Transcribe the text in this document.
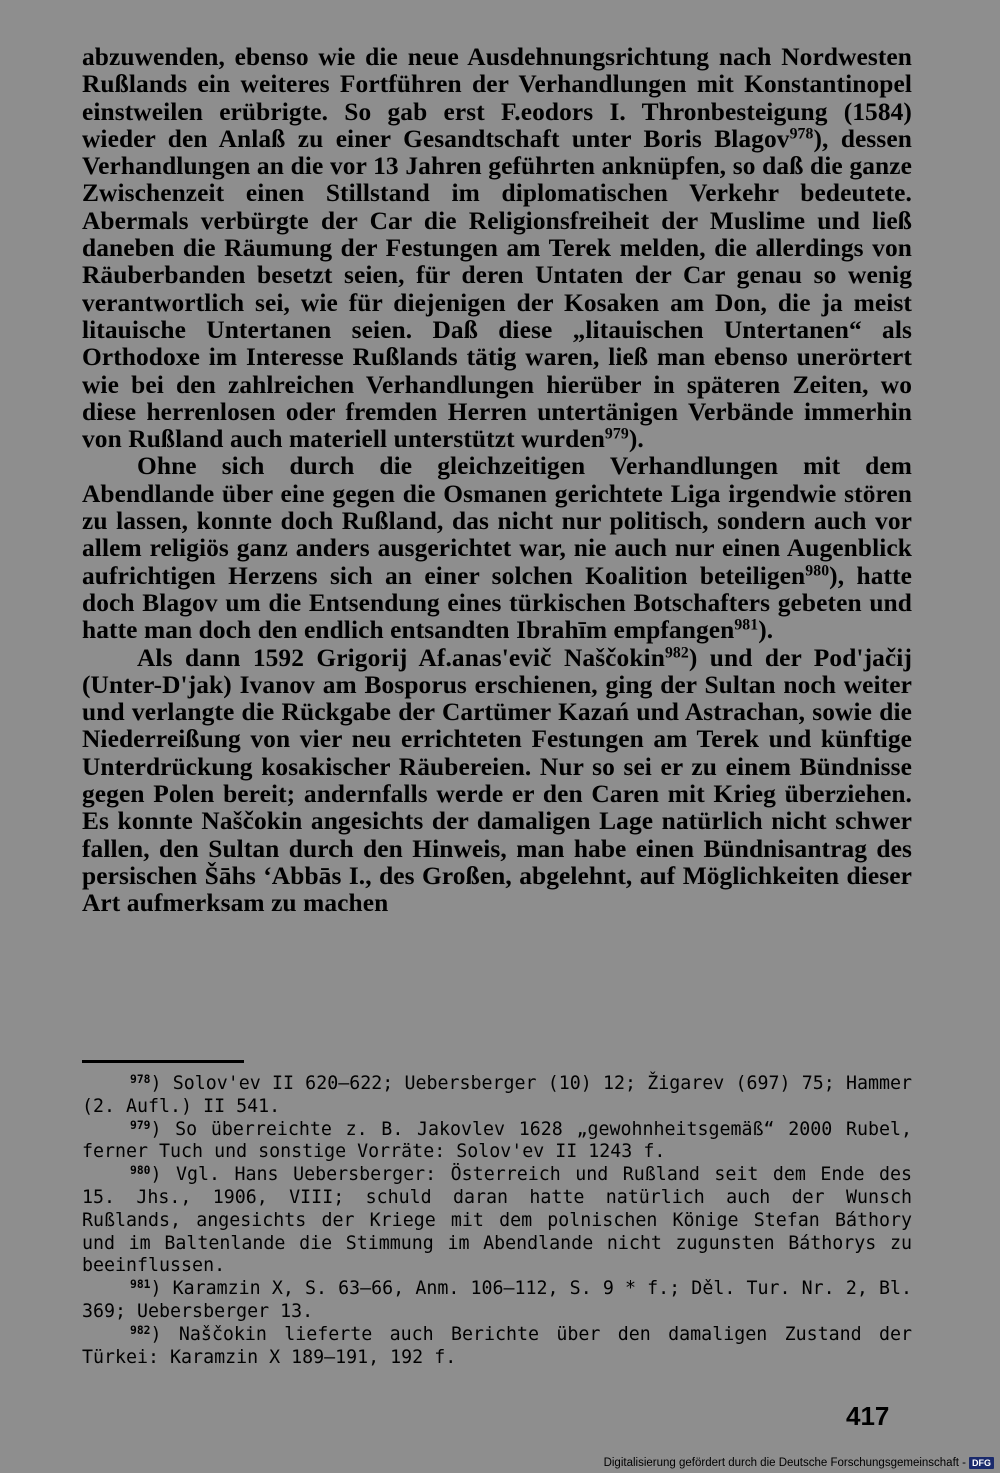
abzuwenden, ebenso wie die neue Ausdehnungsrichtung nach Nordwesten Rußlands ein weiteres Fortführen der Verhandlungen mit Konstantinopel einstweilen erübrigte. So gab erst F.eodors I. Thronbesteigung (1584) wieder den Anlaß zu einer Gesandtschaft unter Boris Blagov$^{978}$), dessen Verhandlungen an die vor 13 Jahren geführten anknüpfen, so daß die ganze Zwischenzeit einen Stillstand im diplomatischen Verkehr bedeutete. Abermals verbürgte der Car die Religionsfreiheit der Muslime und ließ daneben die Räumung der Festungen am Terek melden, die allerdings von Räuberbanden besetzt seien, für deren Untaten der Car genau so wenig verantwortlich sei, wie für diejenigen der Kosaken am Don, die ja meist litauische Untertanen seien. Daß diese „litauischen Untertanen“ als Orthodoxe im Interesse Rußlands tätig waren, ließ man ebenso unerörtert wie bei den zahlreichen Verhandlungen hierüber in späteren Zeiten, wo diese herrenlosen oder fremden Herren untertänigen Verbände immerhin von Rußland auch materiell unterstützt wurden$^{979}$).

Ohne sich durch die gleichzeitigen Verhandlungen mit dem Abendlande über eine gegen die Osmanen gerichtete Liga irgendwie stören zu lassen, konnte doch Rußland, das nicht nur politisch, sondern auch vor allem religiös ganz anders ausgerichtet war, nie auch nur einen Augenblick aufrichtigen Herzens sich an einer solchen Koalition beteiligen$^{980}$), hatte doch Blagov um die Entsendung eines türkischen Botschafters gebeten und hatte man doch den endlich entsandten Ibrahīm empfangen$^{981}$).

Als dann 1592 Grigorij Af.anas'evič Naščokin$^{982}$) und der Pod'jačij (Unter-D'jak) Ivanov am Bosporus erschienen, ging der Sultan noch weiter und verlangte die Rückgabe der Cartümer Kazań und Astrachan, sowie die Niederreißung von vier neu errichteten Festungen am Terek und künftige Unterdrückung kosakischer Räubereien. Nur so sei er zu einem Bündnisse gegen Polen bereit; andernfalls werde er den Caren mit Krieg überziehen. Es konnte Naščokin angesichts der damaligen Lage natürlich nicht schwer fallen, den Sultan durch den Hinweis, man habe einen Bündnisantrag des persischen Šāhs ‘Abbās I., des Großen, abgelehnt, auf Möglichkeiten dieser Art aufmerksam zu machen

$^{978}$) Solov'ev II 620—622; Uebersberger (10) 12; Žigarev (697) 75; Hammer (2. Aufl.) II 541.

$^{979}$) So überreichte z. B. Jakovlev 1628 „gewohnheitsgemäß“ 2000 Rubel, ferner Tuch und sonstige Vorräte: Solov'ev II 1243 f.

$^{980}$) Vgl. Hans Uebersberger: Österreich und Rußland seit dem Ende des 15. Jhs., 1906, VIII; schuld daran hatte natürlich auch der Wunsch Rußlands, angesichts der Kriege mit dem polnischen Könige Stefan Báthory und im Baltenlande die Stimmung im Abendlande nicht zugunsten Báthorys zu beeinflussen.

$^{981}$) Karamzin X, S. 63—66, Anm. 106—112, S. 9 * f.; Děl. Tur. Nr. 2, Bl. 369; Uebersberger 13.

$^{982}$) Naščokin lieferte auch Berichte über den damaligen Zustand der Türkei: Karamzin X 189—191, 192 f.

417
Digitalisierung gefördert durch die Deutsche Forschungsgemeinschaft - DFG
